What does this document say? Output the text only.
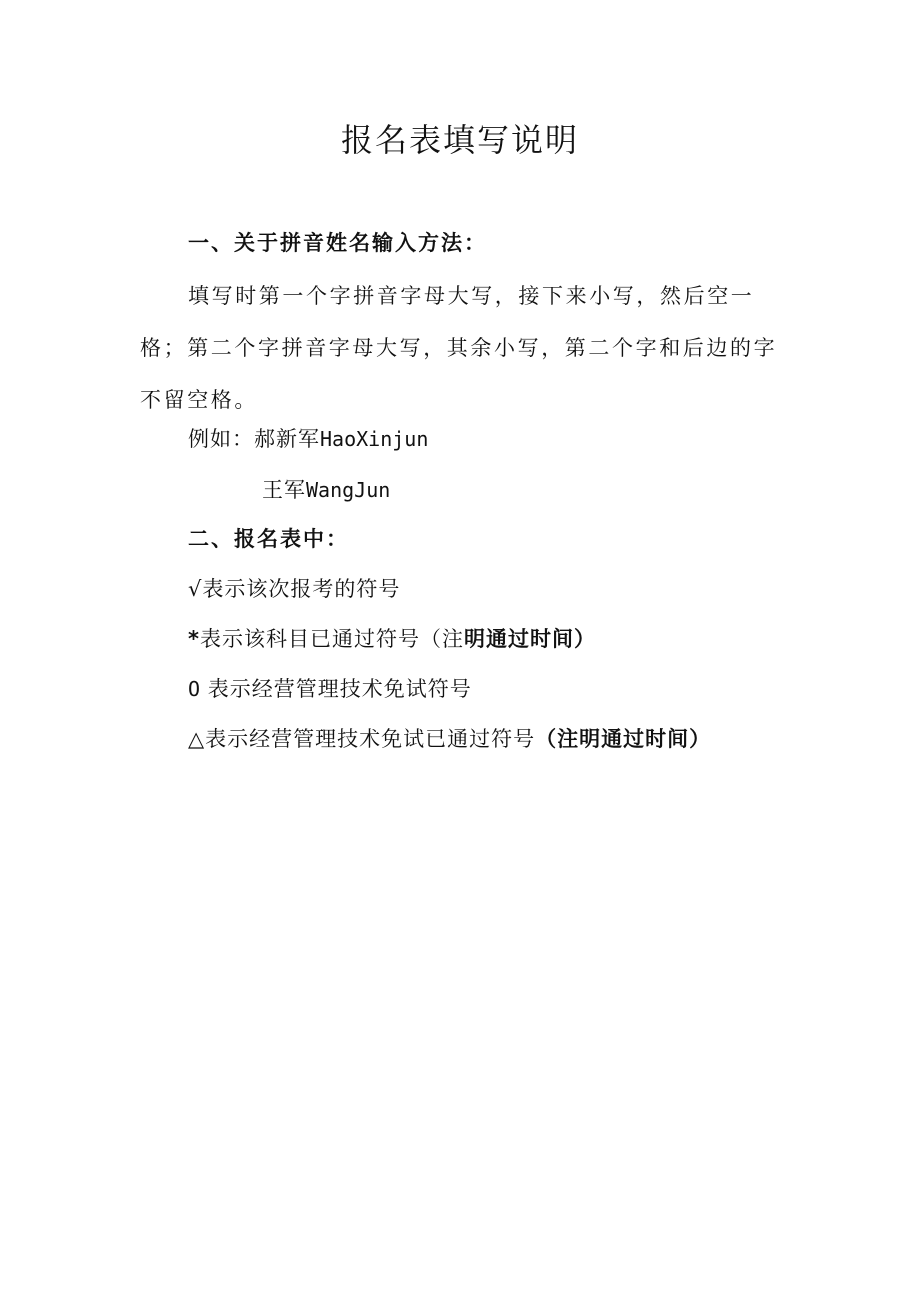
报名表填写说明
一、关于拼音姓名输入方法：
填写时第一个字拼音字母大写，接下来小写，然后空一格；第二个字拼音字母大写，其余小写，第二个字和后边的字不留空格。
例如：郝新军HaoXinjun
王军WangJun
二、报名表中：
√表示该次报考的符号
*表示该科目已通过符号（注明通过时间）
O 表示经营管理技术免试符号
△表示经营管理技术免试已通过符号（注明通过时间）
